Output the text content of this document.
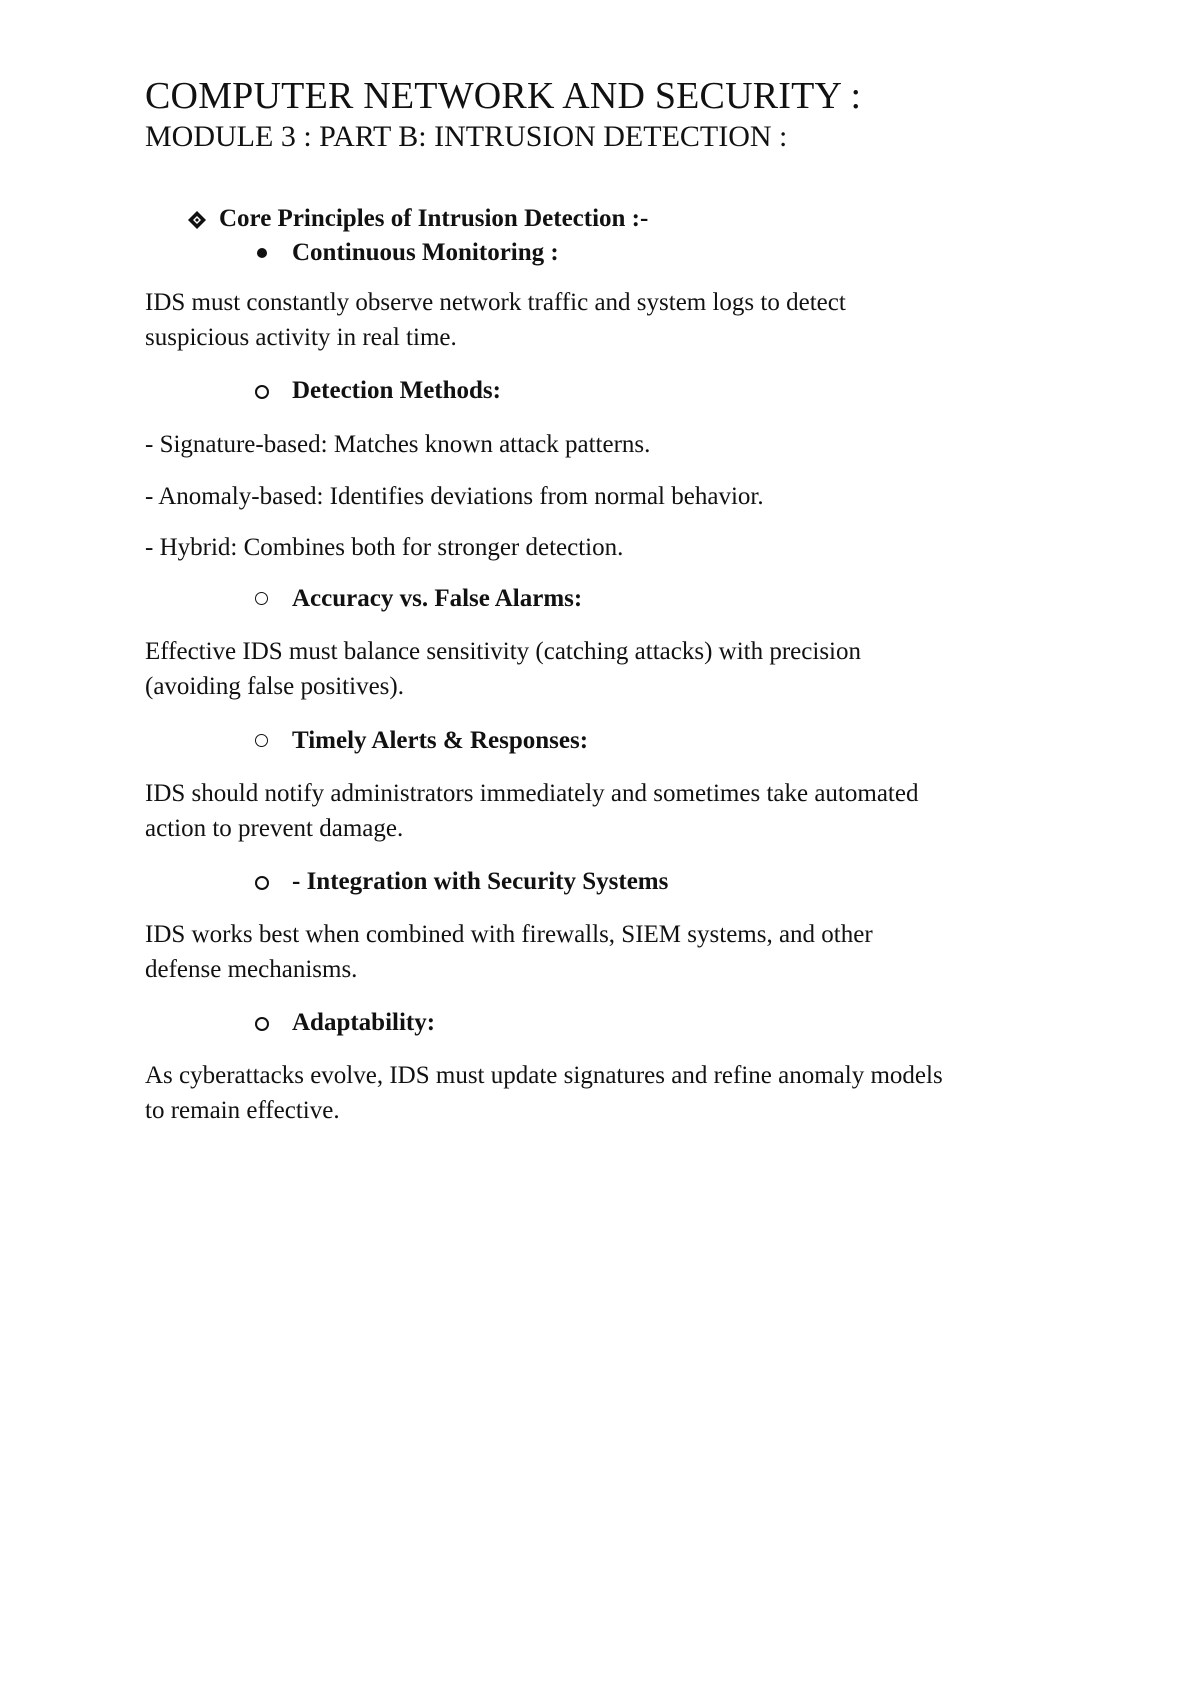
COMPUTER NETWORK AND SECURITY :
MODULE 3 : PART B: INTRUSION DETECTION :

Core Principles of Intrusion Detection :-

Continuous Monitoring :

IDS must constantly observe network traffic and system logs to detect

suspicious activity in real time.

Detection Methods:

- Signature-based: Matches known attack patterns.

- Anomaly-based: Identifies deviations from normal behavior.

- Hybrid: Combines both for stronger detection.

Accuracy vs. False Alarms:

Effective IDS must balance sensitivity (catching attacks) with precision

(avoiding false positives).

Timely Alerts & Responses:

IDS should notify administrators immediately and sometimes take automated

action to prevent damage.

- Integration with Security Systems

IDS works best when combined with firewalls, SIEM systems, and other

defense mechanisms.

Adaptability:

As cyberattacks evolve, IDS must update signatures and refine anomaly models

to remain effective.
